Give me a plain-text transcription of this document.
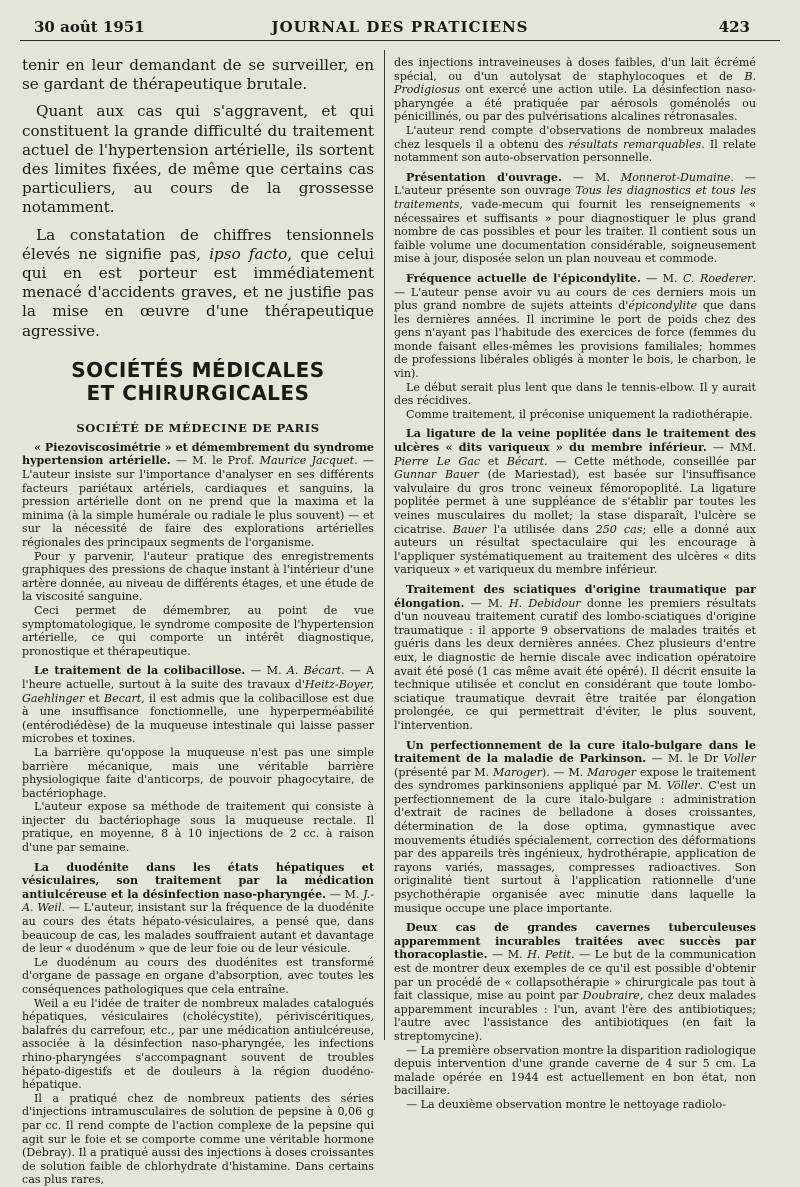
30 août 1951	JOURNAL DES PRATICIENS	423

tenir en leur demandant de se surveiller, en se gardant de thérapeutique brutale.

Quant aux cas qui s'aggravent, et qui constituent la grande difficulté du traitement actuel de l'hypertension artérielle, ils sortent des limites fixées, de même que certains cas particuliers, au cours de la grossesse notamment.

La constatation de chiffres tensionnels élevés ne signifie pas, ipso facto, que celui qui en est porteur est immédiatement menacé d'accidents graves, et ne justifie pas la mise en œuvre d'une thérapeutique agressive.

SOCIÉTÉS MÉDICALES
ET CHIRURGICALES
SOCIÉTÉ DE MÉDECINE DE PARIS

« Piezoviscosimétrie » et démembrement du syndrome hypertension artérielle. — M. le Prof. Maurice Jacquet. — L'auteur insiste sur l'importance d'analyser en ses différents facteurs pariétaux artériels, cardiaques et sanguins, la pression artérielle dont on ne prend que la maxima et la minima (à la simple humérale ou radiale le plus souvent) — et sur la nécessité de faire des explorations artérielles régionales des principaux segments de l'organisme.

Pour y parvenir, l'auteur pratique des enregistrements graphiques des pressions de chaque instant à l'intérieur d'une artère donnée, au niveau de différents étages, et une étude de la viscosité sanguine.

Ceci permet de démembrer, au point de vue symptomatologique, le syndrome composite de l'hypertension artérielle, ce qui comporte un intérêt diagnostique, pronostique et thérapeutique.

Le traitement de la colibacillose. — M. A. Bécart. — A l'heure actuelle, surtout à la suite des travaux d'Heitz-Boyer, Gaehlinger et Becart, il est admis que la colibacillose est due à une insuffisance fonctionnelle, une hyperperméabilité (entérodiédèse) de la muqueuse intestinale qui laisse passer microbes et toxines.

La barrière qu'oppose la muqueuse n'est pas une simple barrière mécanique, mais une véritable barrière physiologique faite d'anticorps, de pouvoir phagocytaire, de bactériophage.

L'auteur expose sa méthode de traitement qui consiste à injecter du bactériophage sous la muqueuse rectale. Il pratique, en moyenne, 8 à 10 injections de 2 cc. à raison d'une par semaine.

La duodénite dans les états hépatiques et vésiculaires, son traitement par la médication antiulcéreuse et la désinfection naso-pharyngée. — M. J.-A. Weil. — L'auteur, insistant sur la fréquence de la duodénite au cours des états hépato-vésiculaires, a pensé que, dans beaucoup de cas, les malades souffraient autant et davantage de leur « duodénum » que de leur foie ou de leur vésicule.

Le duodénum au cours des duodénites est transformé d'organe de passage en organe d'absorption, avec toutes les conséquences pathologiques que cela entraîne.

Weil a eu l'idée de traiter de nombreux malades catalogués hépatiques, vésiculaires (cholécystite), périviscéritiques, balafrés du carrefour, etc., par une médication antiulcéreuse, associée à la désinfection naso-pharyngée, les infections rhino-pharyngées s'accompagnant souvent de troubles hépato-digestifs et de douleurs à la région duodéno-hépatique.

Il a pratiqué chez de nombreux patients des séries d'injections intramusculaires de solution de pepsine à 0,06 g par cc. Il rend compte de l'action complexe de la pepsine qui agit sur le foie et se comporte comme une véritable hormone (Debray). Il a pratiqué aussi des injections à doses croissantes de solution faible de chlorhydrate d'histamine. Dans certains cas plus rares,

des injections intraveineuses à doses faibles, d'un lait écrémé spécial, ou d'un autolysat de staphylocoques et de B. Prodigiosus ont exercé une action utile. La désinfection naso-pharyngée a été pratiquée par aérosols goménolés ou pénicillinés, ou par des pulvérisations alcalines rétronasales.

L'auteur rend compte d'observations de nombreux malades chez lesquels il a obtenu des résultats remarquables. Il relate notamment son auto-observation personnelle.

Présentation d'ouvrage. — M. Monnerot-Dumaine. — L'auteur présente son ouvrage Tous les diagnostics et tous les traitements, vade-mecum qui fournit les renseignements « nécessaires et suffisants » pour diagnostiquer le plus grand nombre de cas possibles et pour les traiter. Il contient sous un faible volume une documentation considérable, soigneusement mise à jour, disposée selon un plan nouveau et commode.

Fréquence actuelle de l'épicondylite. — M. C. Roederer. — L'auteur pense avoir vu au cours de ces derniers mois un plus grand nombre de sujets atteints d'épicondylite que dans les dernières années. Il incrimine le port de poids chez des gens n'ayant pas l'habitude des exercices de force (femmes du monde faisant elles-mêmes les provisions familiales; hommes de professions libérales obligés à monter le bois, le charbon, le vin).

Le début serait plus lent que dans le tennis-elbow. Il y aurait des récidives.

Comme traitement, il préconise uniquement la radiothérapie.

La ligature de la veine poplitée dans le traitement des ulcères « dits variqueux » du membre inférieur. — MM. Pierre Le Gac et Bécart. — Cette méthode, conseillée par Gunnar Bauer (de Mariestad), est basée sur l'insuffisance valvulaire du gros tronc veineux fémoropoplité. La ligature poplitée permet à une suppléance de s'établir par toutes les veines musculaires du mollet; la stase disparaît, l'ulcère se cicatrise. Bauer l'a utilisée dans 250 cas; elle a donné aux auteurs un résultat spectaculaire qui les encourage à l'appliquer systématiquement au traitement des ulcères « dits variqueux » et variqueux du membre inférieur.

Traitement des sciatiques d'origine traumatique par élongation. — M. H. Debidour donne les premiers résultats d'un nouveau traitement curatif des lombo-sciatiques d'origine traumatique : il apporte 9 observations de malades traités et guéris dans les deux dernières années. Chez plusieurs d'entre eux, le diagnostic de hernie discale avec indication opératoire avait été posé (1 cas même avait été opéré). Il décrit ensuite la technique utilisée et conclut en considérant que toute lombo-sciatique traumatique devrait être traitée par élongation prolongée, ce qui permettrait d'éviter, le plus souvent, l'intervention.

Un perfectionnement de la cure italo-bulgare dans le traitement de la maladie de Parkinson. — M. le Dr Voller (présenté par M. Maroger). — M. Maroger expose le traitement des syndromes parkinsoniens appliqué par M. Völler. C'est un perfectionnement de la cure italo-bulgare : administration d'extrait de racines de belladone à doses croissantes, détermination de la dose optima, gymnastique avec mouvements étudiés spécialement, correction des déformations par des appareils très ingénieux, hydrothérapie, application de rayons variés, massages, compresses radioactives. Son originalité tient surtout à l'application rationnelle d'une psychothérapie organisée avec minutie dans laquelle la musique occupe une place importante.

Deux cas de grandes cavernes tuberculeuses apparemment incurables traitées avec succès par thoracoplastie. — M. H. Petit. — Le but de la communication est de montrer deux exemples de ce qu'il est possible d'obtenir par un procédé de « collapsothérapie » chirurgicale pas tout à fait classique, mise au point par Doubraire, chez deux malades apparemment incurables : l'un, avant l'ère des antibiotiques; l'autre avec l'assistance des antibiotiques (en fait la streptomycine).

— La première observation montre la disparition radiologique depuis intervention d'une grande caverne de 4 sur 5 cm. La malade opérée en 1944 est actuellement en bon état, non bacillaire.

— La deuxième observation montre le nettoyage radiolo-
